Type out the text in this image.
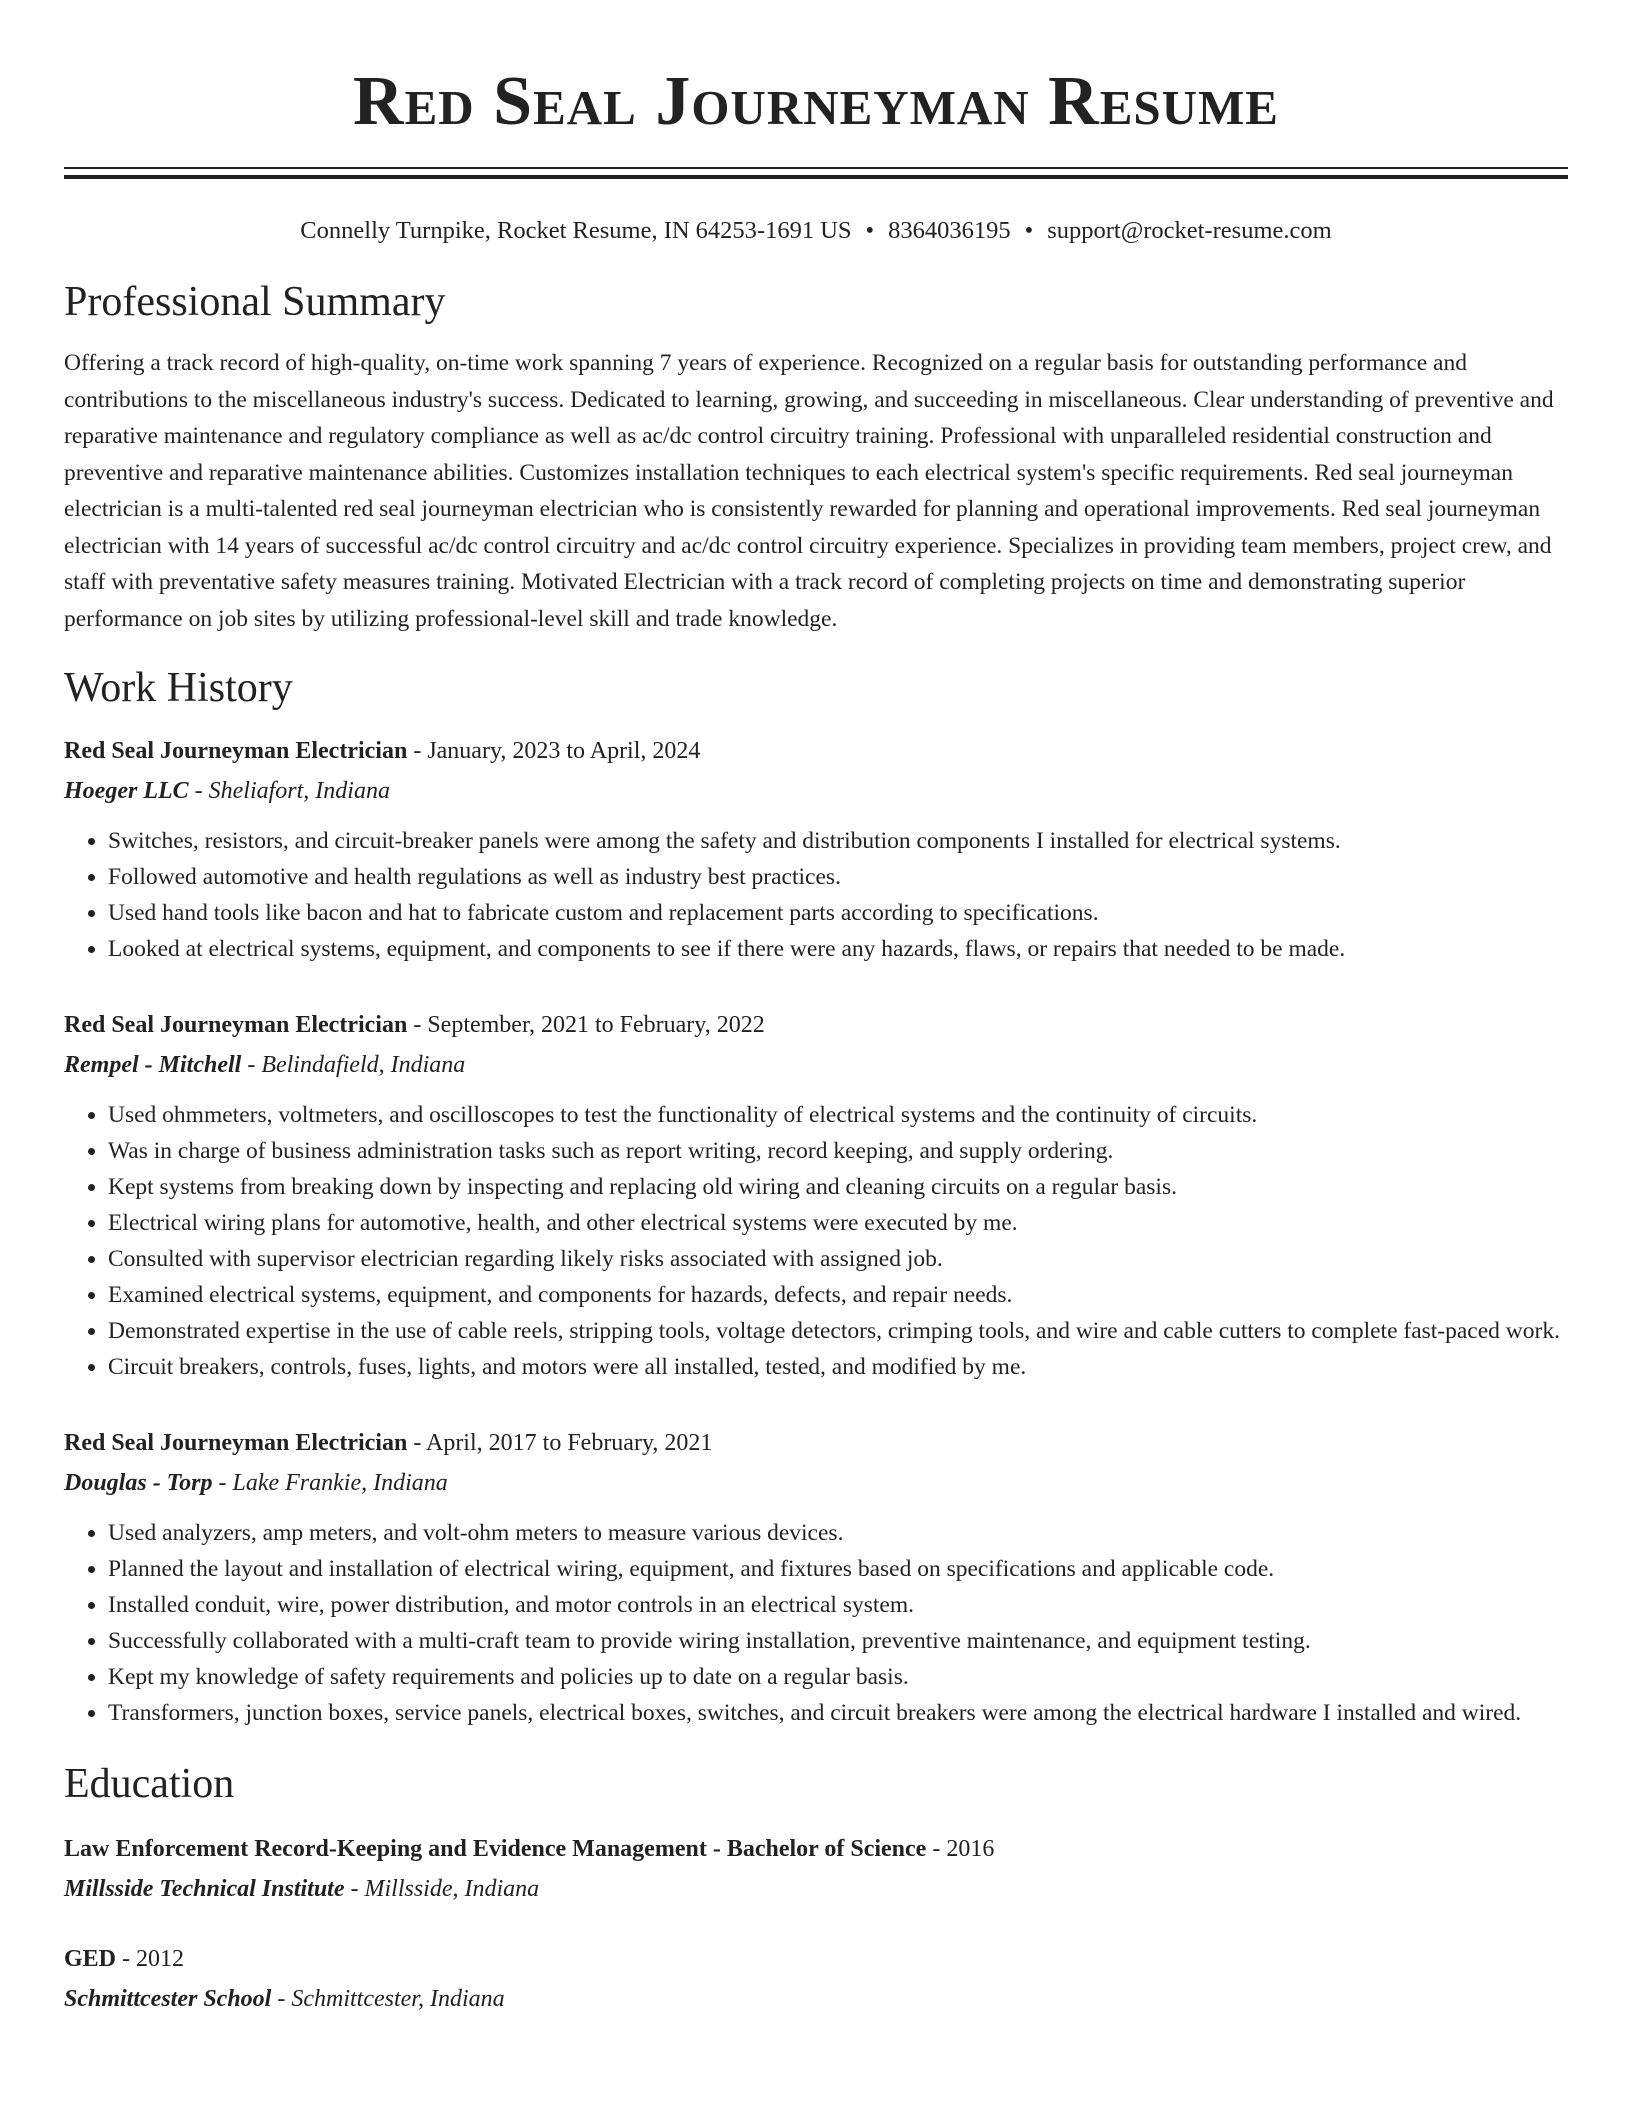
Red Seal Journeyman Resume
Connelly Turnpike, Rocket Resume, IN 64253-1691 US • 8364036195 • support@rocket-resume.com
Professional Summary

Offering a track record of high-quality, on-time work spanning 7 years of experience. Recognized on a regular basis for outstanding performance and contributions to the miscellaneous industry's success. Dedicated to learning, growing, and succeeding in miscellaneous. Clear understanding of preventive and reparative maintenance and regulatory compliance as well as ac/dc control circuitry training. Professional with unparalleled residential construction and preventive and reparative maintenance abilities. Customizes installation techniques to each electrical system's specific requirements. Red seal journeyman electrician is a multi-talented red seal journeyman electrician who is consistently rewarded for planning and operational improvements. Red seal journeyman electrician with 14 years of successful ac/dc control circuitry and ac/dc control circuitry experience. Specializes in providing team members, project crew, and staff with preventative safety measures training. Motivated Electrician with a track record of completing projects on time and demonstrating superior performance on job sites by utilizing professional-level skill and trade knowledge.

Work History
Red Seal Journeyman Electrician - January, 2023 to April, 2024
Hoeger LLC - Sheliafort, Indiana
• Switches, resistors, and circuit-breaker panels were among the safety and distribution components I installed for electrical systems.
• Followed automotive and health regulations as well as industry best practices.
• Used hand tools like bacon and hat to fabricate custom and replacement parts according to specifications.
• Looked at electrical systems, equipment, and components to see if there were any hazards, flaws, or repairs that needed to be made.
Red Seal Journeyman Electrician - September, 2021 to February, 2022
Rempel - Mitchell - Belindafield, Indiana
• Used ohmmeters, voltmeters, and oscilloscopes to test the functionality of electrical systems and the continuity of circuits.
• Was in charge of business administration tasks such as report writing, record keeping, and supply ordering.
• Kept systems from breaking down by inspecting and replacing old wiring and cleaning circuits on a regular basis.
• Electrical wiring plans for automotive, health, and other electrical systems were executed by me.
• Consulted with supervisor electrician regarding likely risks associated with assigned job.
• Examined electrical systems, equipment, and components for hazards, defects, and repair needs.
• Demonstrated expertise in the use of cable reels, stripping tools, voltage detectors, crimping tools, and wire and cable cutters to complete fast-paced work.
• Circuit breakers, controls, fuses, lights, and motors were all installed, tested, and modified by me.
Red Seal Journeyman Electrician - April, 2017 to February, 2021
Douglas - Torp - Lake Frankie, Indiana
• Used analyzers, amp meters, and volt-ohm meters to measure various devices.
• Planned the layout and installation of electrical wiring, equipment, and fixtures based on specifications and applicable code.
• Installed conduit, wire, power distribution, and motor controls in an electrical system.
• Successfully collaborated with a multi-craft team to provide wiring installation, preventive maintenance, and equipment testing.
• Kept my knowledge of safety requirements and policies up to date on a regular basis.
• Transformers, junction boxes, service panels, electrical boxes, switches, and circuit breakers were among the electrical hardware I installed and wired.
Education
Law Enforcement Record-Keeping and Evidence Management - Bachelor of Science - 2016
Millsside Technical Institute - Millsside, Indiana
GED - 2012
Schmittcester School - Schmittcester, Indiana
